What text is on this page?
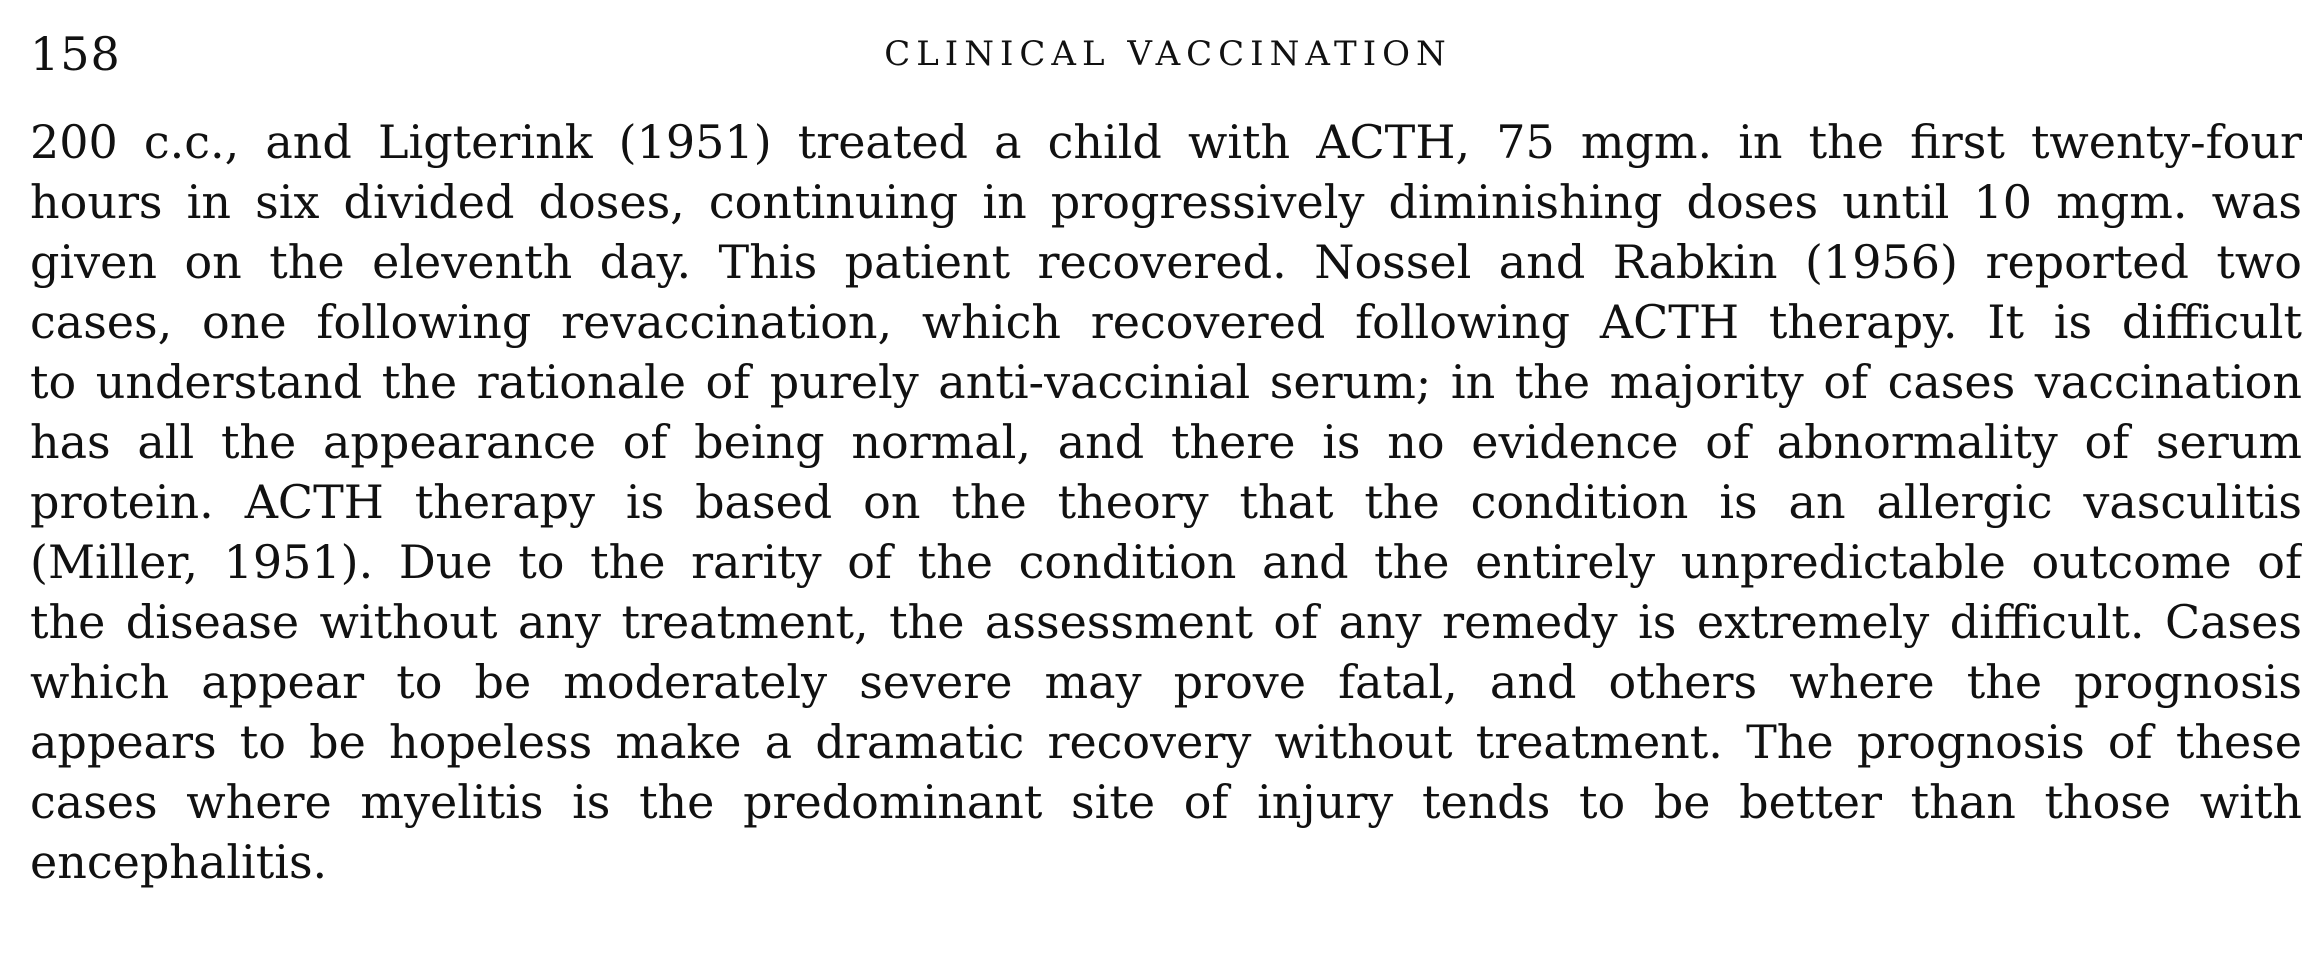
158	CLINICAL VACCINATION
200 c.c., and Ligterink (1951) treated a child with ACTH, 75 mgm. in the first twenty-four
hours in six divided doses, continuing in progressively diminishing doses until 10 mgm. was
given on the eleventh day. This patient recovered. Nossel and Rabkin (1956) reported two
cases, one following revaccination, which recovered following ACTH therapy. It is difficult
to understand the rationale of purely anti-vaccinial serum; in the majority of cases vaccination
has all the appearance of being normal, and there is no evidence of abnormality of serum
protein. ACTH therapy is based on the theory that the condition is an allergic vasculitis
(Miller, 1951). Due to the rarity of the condition and the entirely unpredictable outcome of
the disease without any treatment, the assessment of any remedy is extremely difficult. Cases
which appear to be moderately severe may prove fatal, and others where the prognosis
appears to be hopeless make a dramatic recovery without treatment. The prognosis of these
cases where myelitis is the predominant site of injury tends to be better than those with
encephalitis.
